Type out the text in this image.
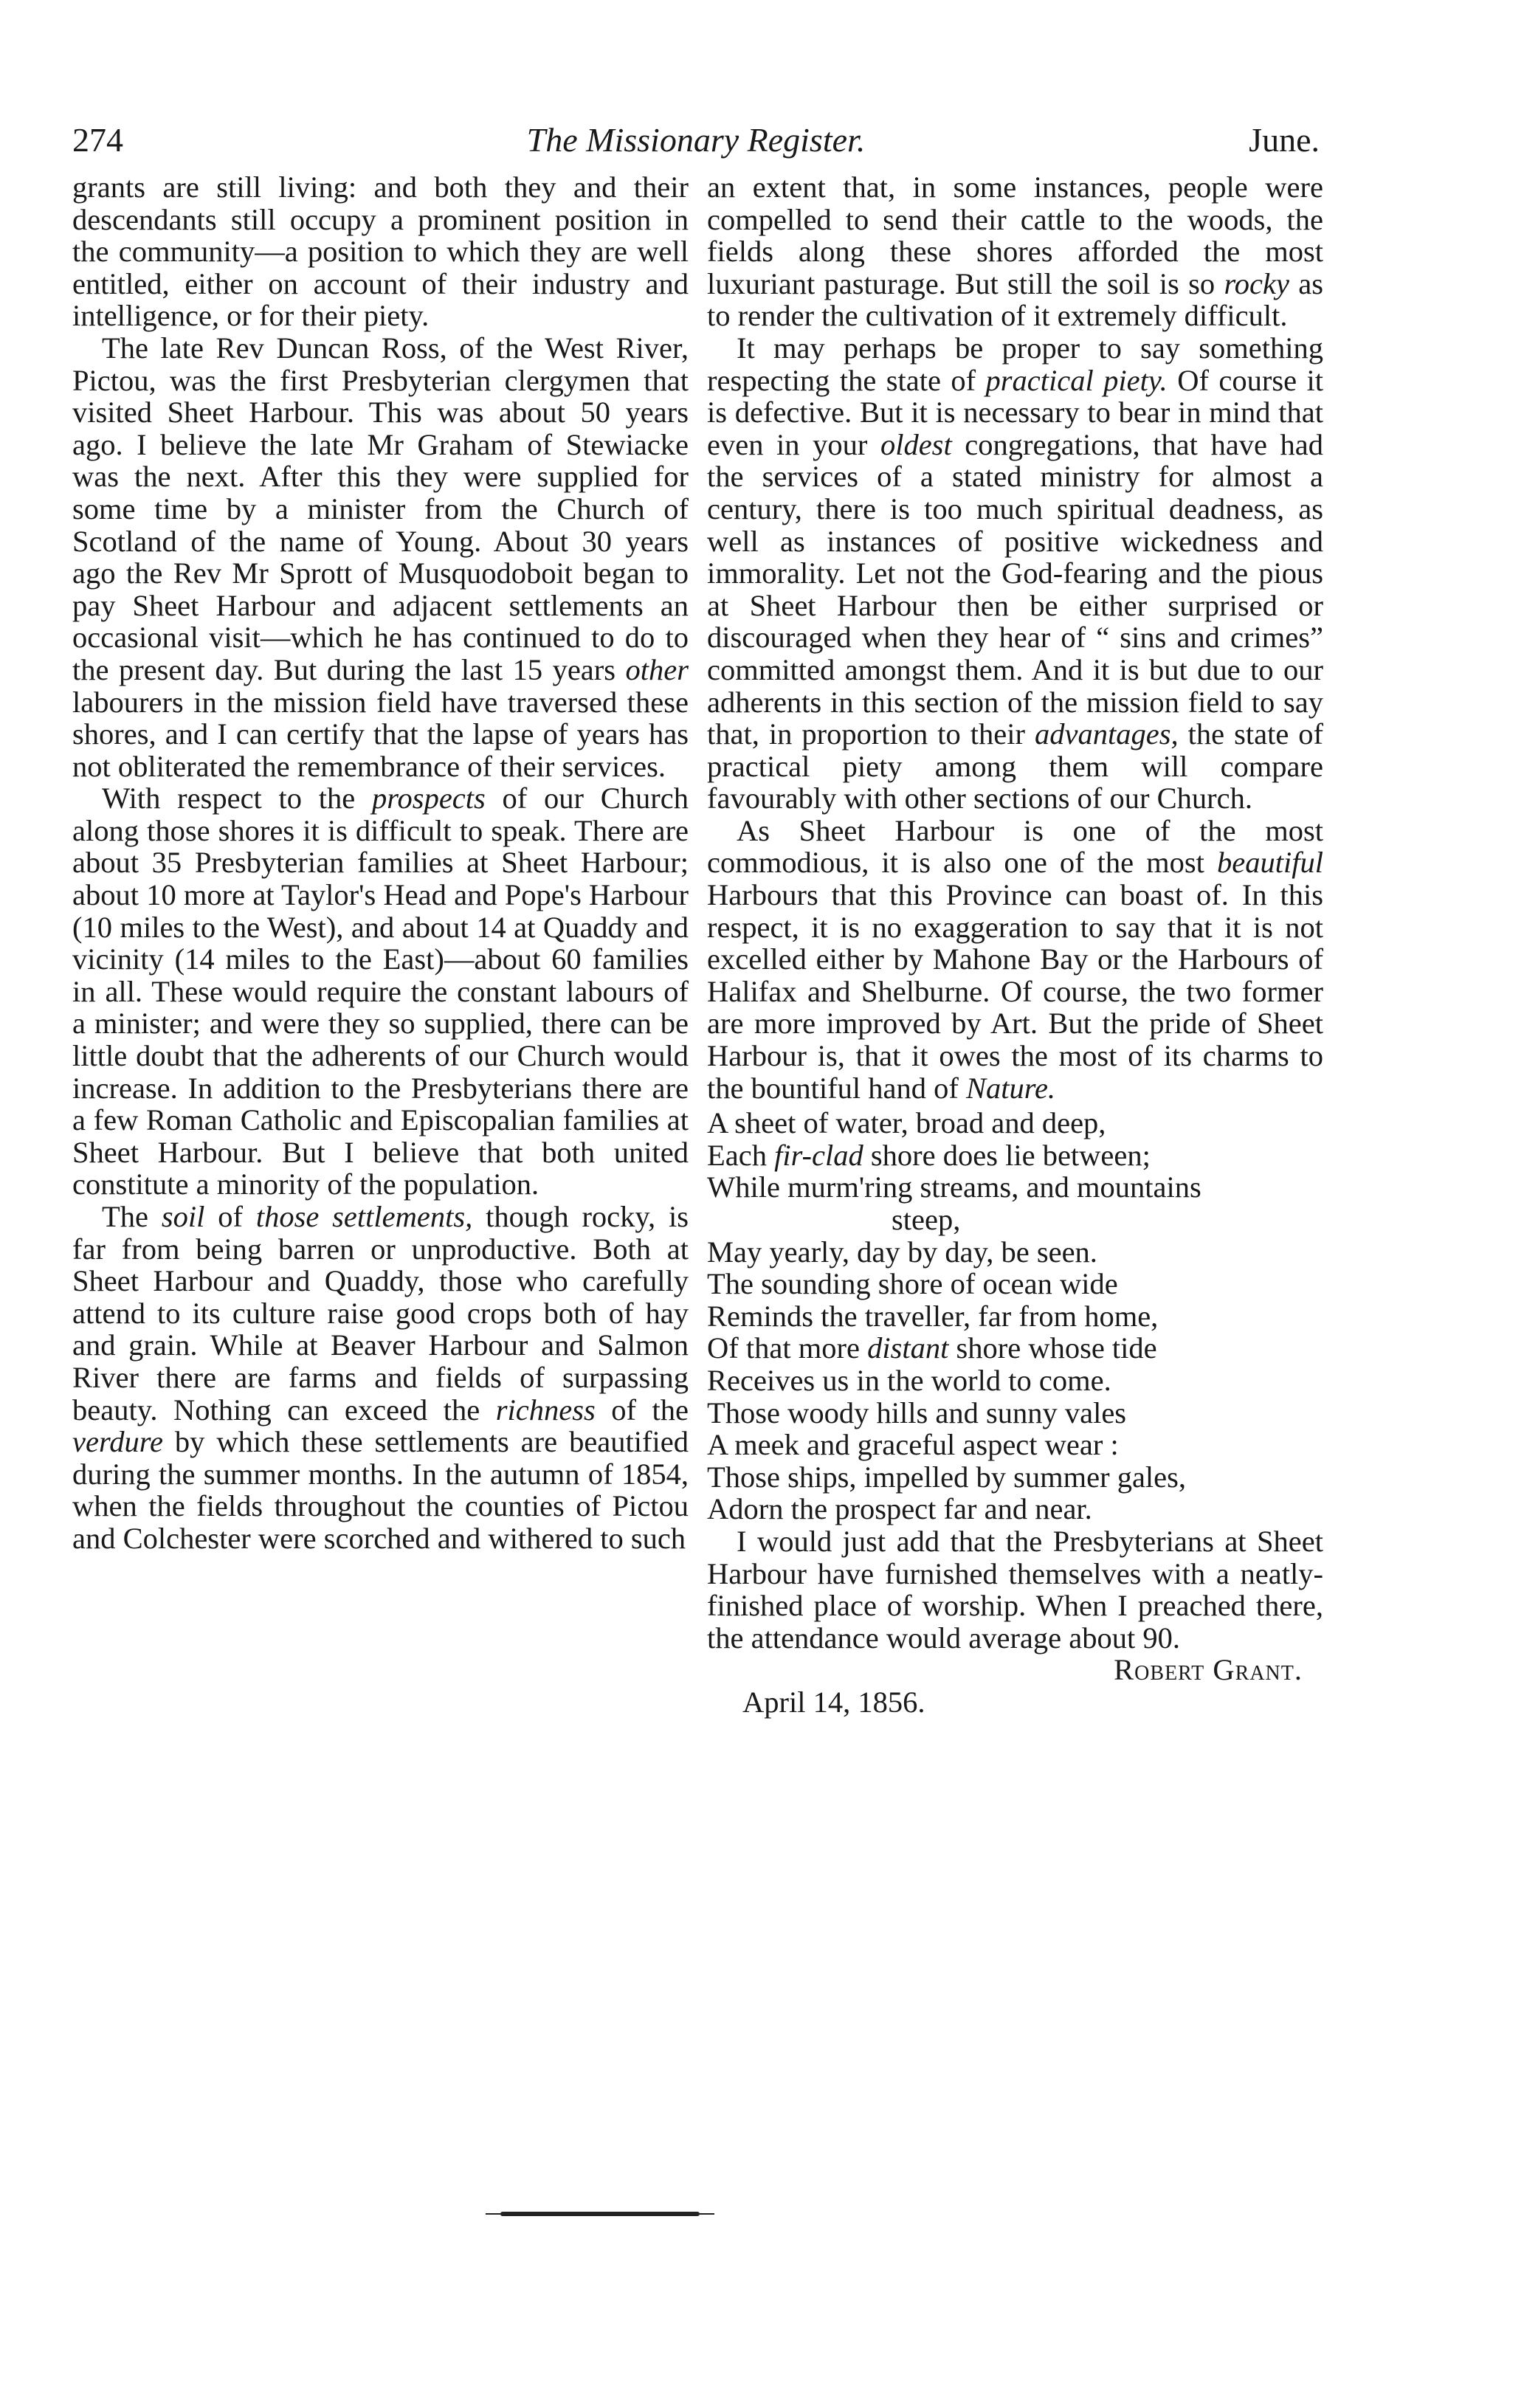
274	The Missionary Register.	June.

grants are still living: and both they and their descendants still occupy a prominent position in the community—a position to which they are well entitled, either on account of their industry and intelligence, or for their piety.

The late Rev Duncan Ross, of the West River, Pictou, was the first Presbyterian clergymen that visited Sheet Harbour. This was about 50 years ago. I believe the late Mr Graham of Stewiacke was the next. After this they were supplied for some time by a minister from the Church of Scotland of the name of Young. About 30 years ago the Rev Mr Sprott of Musquodoboit began to pay Sheet Harbour and adjacent settlements an occasional visit—which he has continued to do to the present day. But during the last 15 years other labourers in the mission field have traversed these shores, and I can certify that the lapse of years has not obliterated the remembrance of their services.

With respect to the prospects of our Church along those shores it is difficult to speak. There are about 35 Presbyterian families at Sheet Harbour; about 10 more at Taylor's Head and Pope's Harbour (10 miles to the West), and about 14 at Quaddy and vicinity (14 miles to the East)—about 60 families in all. These would require the constant labours of a minister; and were they so supplied, there can be little doubt that the adherents of our Church would increase. In addition to the Presbyterians there are a few Roman Catholic and Episcopalian families at Sheet Harbour. But I believe that both united constitute a minority of the population.

The soil of those settlements, though rocky, is far from being barren or unproductive. Both at Sheet Harbour and Quaddy, those who carefully attend to its culture raise good crops both of hay and grain. While at Beaver Harbour and Salmon River there are farms and fields of surpassing beauty. Nothing can exceed the richness of the verdure by which these settlements are beautified during the summer months. In the autumn of 1854, when the fields throughout the counties of Pictou and Colchester were scorched and withered to such

an extent that, in some instances, people were compelled to send their cattle to the woods, the fields along these shores afforded the most luxuriant pasturage. But still the soil is so rocky as to render the cultivation of it extremely difficult.

It may perhaps be proper to say something respecting the state of practical piety. Of course it is defective. But it is necessary to bear in mind that even in your oldest congregations, that have had the services of a stated ministry for almost a century, there is too much spiritual deadness, as well as instances of positive wickedness and immorality. Let not the God-fearing and the pious at Sheet Harbour then be either surprised or discouraged when they hear of “ sins and crimes” committed amongst them. And it is but due to our adherents in this section of the mission field to say that, in proportion to their advantages, the state of practical piety among them will compare favourably with other sections of our Church.

As Sheet Harbour is one of the most commodious, it is also one of the most beautiful Harbours that this Province can boast of. In this respect, it is no exaggeration to say that it is not excelled either by Mahone Bay or the Harbours of Halifax and Shelburne. Of course, the two former are more improved by Art. But the pride of Sheet Harbour is, that it owes the most of its charms to the bountiful hand of Nature.

A sheet of water, broad and deep,

Each fir-clad shore does lie between;

While murm'ring streams, and mountains

steep,

May yearly, day by day, be seen.

The sounding shore of ocean wide

Reminds the traveller, far from home,

Of that more distant shore whose tide

Receives us in the world to come.

Those woody hills and sunny vales

A meek and graceful aspect wear :

Those ships, impelled by summer gales,

Adorn the prospect far and near.

I would just add that the Presbyterians at Sheet Harbour have furnished themselves with a neatly-finished place of worship. When I preached there, the attendance would average about 90.

Robert Grant.

April 14, 1856.
